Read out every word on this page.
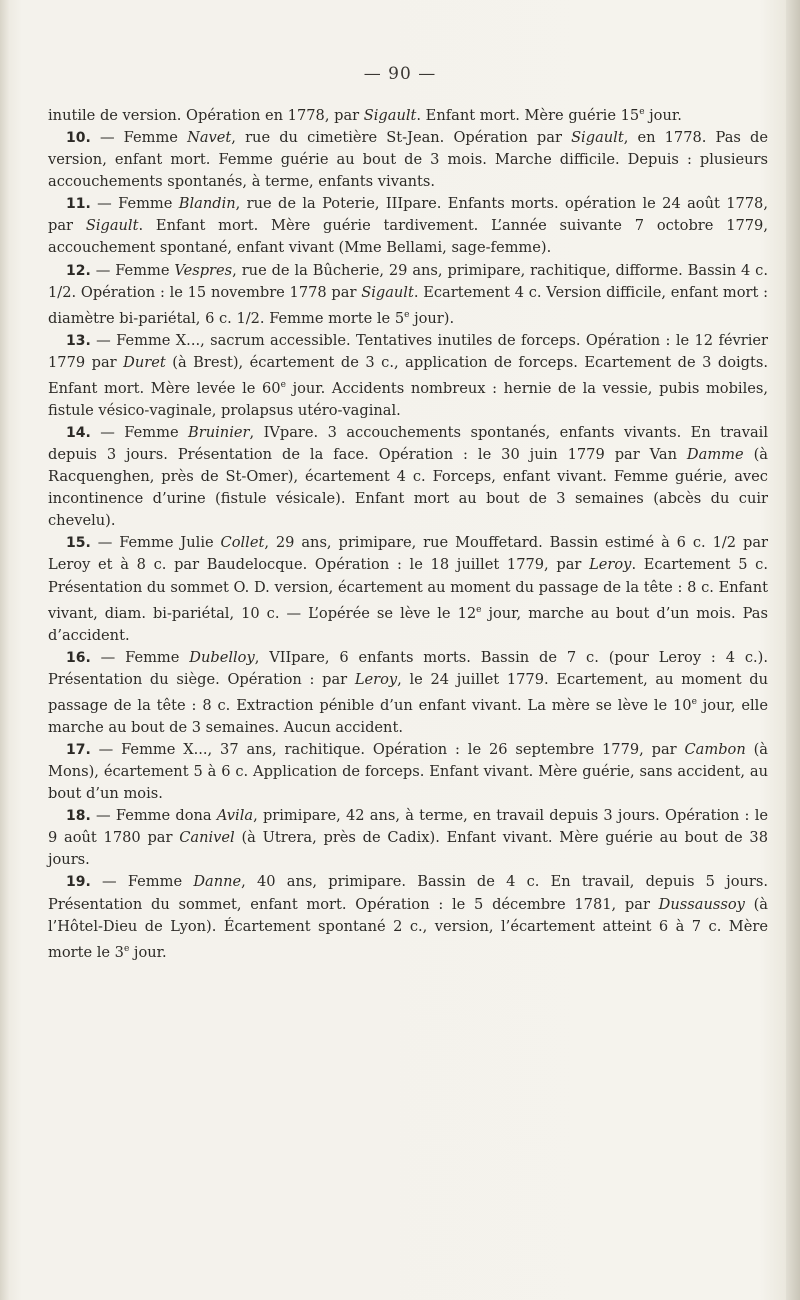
— 90 —

inutile de version. Opération en 1778, par Sigault. Enfant mort. Mère guérie 15e jour.

10. — Femme Navet, rue du cimetière St-Jean. Opération par Sigault, en 1778. Pas de version, enfant mort. Femme guérie au bout de 3 mois. Marche difficile. Depuis : plusieurs accouchements spontanés, à terme, enfants vivants.

11. — Femme Blandin, rue de la Poterie, IIIpare. Enfants morts. opération le 24 août 1778, par Sigault. Enfant mort. Mère guérie tardivement. L’année suivante 7 octobre 1779, accouchement spontané, enfant vivant (Mme Bellami, sage-femme).

12. — Femme Vespres, rue de la Bûcherie, 29 ans, primipare, rachitique, difforme. Bassin 4 c. 1/2. Opération : le 15 novembre 1778 par Sigault. Ecartement 4 c. Version difficile, enfant mort : diamètre bi-pariétal, 6 c. 1/2. Femme morte le 5e jour).

13. — Femme X..., sacrum accessible. Tentatives inutiles de forceps. Opération : le 12 février 1779 par Duret (à Brest), écartement de 3 c., application de forceps. Ecartement de 3 doigts. Enfant mort. Mère levée le 60e jour. Accidents nombreux : hernie de la vessie, pubis mobiles, fistule vésico-vaginale, prolapsus utéro-vaginal.

14. — Femme Bruinier, IVpare. 3 accouchements spontanés, enfants vivants. En travail depuis 3 jours. Présentation de la face. Opération : le 30 juin 1779 par Van Damme (à Racquenghen, près de St-Omer), écartement 4 c. Forceps, enfant vivant. Femme guérie, avec incontinence d’urine (fistule vésicale). Enfant mort au bout de 3 semaines (abcès du cuir chevelu).

15. — Femme Julie Collet, 29 ans, primipare, rue Mouffetard. Bassin estimé à 6 c. 1/2 par Leroy et à 8 c. par Baudelocque. Opération : le 18 juillet 1779, par Leroy. Ecartement 5 c. Présentation du sommet O. D. version, écartement au moment du passage de la tête : 8 c. Enfant vivant, diam. bi-pariétal, 10 c. — L’opérée se lève le 12e jour, marche au bout d’un mois. Pas d’accident.

16. — Femme Dubelloy, VIIpare, 6 enfants morts. Bassin de 7 c. (pour Leroy : 4 c.). Présentation du siège. Opération : par Leroy, le 24 juillet 1779. Ecartement, au moment du passage de la tête : 8 c. Extraction pénible d’un enfant vivant. La mère se lève le 10e jour, elle marche au bout de 3 semaines. Aucun accident.

17. — Femme X..., 37 ans, rachitique. Opération : le 26 septembre 1779, par Cambon (à Mons), écartement 5 à 6 c. Application de forceps. Enfant vivant. Mère guérie, sans accident, au bout d’un mois.

18. — Femme dona Avila, primipare, 42 ans, à terme, en travail depuis 3 jours. Opération : le 9 août 1780 par Canivel (à Utrera, près de Cadix). Enfant vivant. Mère guérie au bout de 38 jours.

19. — Femme Danne, 40 ans, primipare. Bassin de 4 c. En travail, depuis 5 jours. Présentation du sommet, enfant mort. Opération : le 5 décembre 1781, par Dussaussoy (à l’Hôtel-Dieu de Lyon). Écartement spontané 2 c., version, l’écartement atteint 6 à 7 c. Mère morte le 3e jour.
